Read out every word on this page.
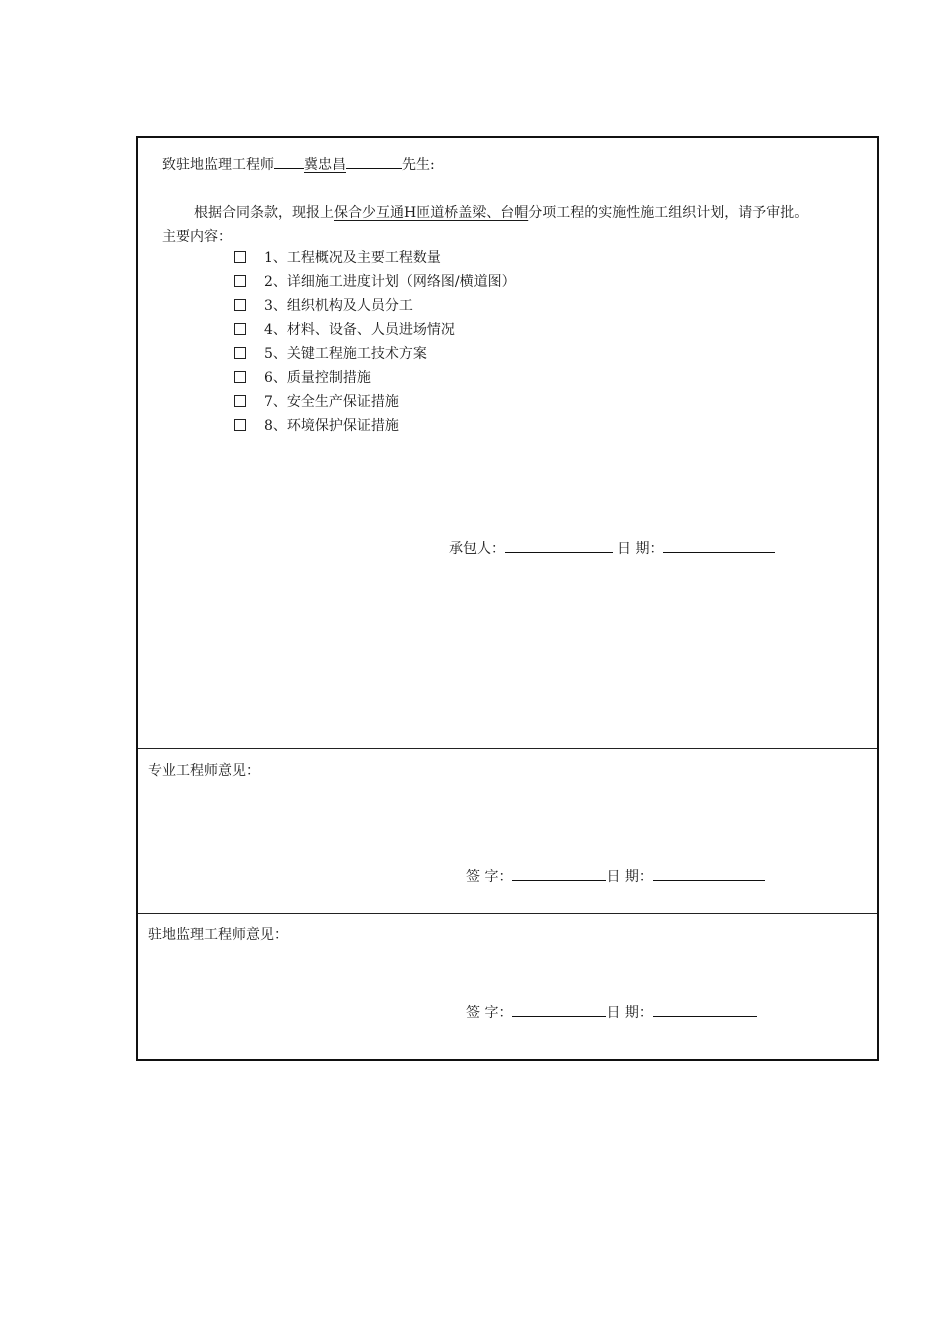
致驻地监理工程师 冀忠昌	先生:
根据合同条款，现报上保合少互通H匝道桥盖梁、台帽分项工程的实施性施工组织计划，请予审批。
主要内容：
1、工程概况及主要工程数量
2、详细施工进度计划（网络图/横道图）
3、组织机构及人员分工
4、材料、设备、人员进场情况
5、关键工程施工技术方案
6、质量控制措施
7、安全生产保证措施
8、环境保护保证措施
承包人：	日 期：
专业工程师意见：
签 字：	日 期：
驻地监理工程师意见：
签 字：	日 期：
